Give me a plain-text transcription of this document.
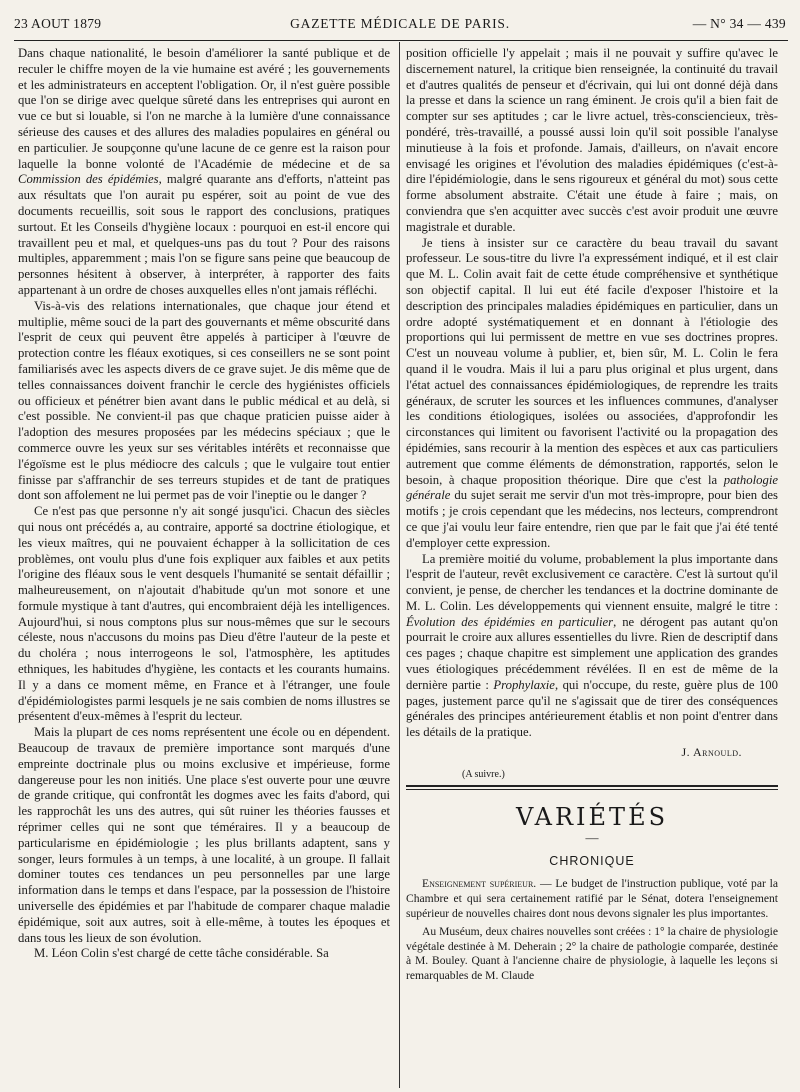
23 AOUT 1879	GAZETTE MÉDICALE DE PARIS.	— N° 34 — 439

Dans chaque nationalité, le besoin d'améliorer la santé publique et de reculer le chiffre moyen de la vie humaine est avéré ; les gouvernements et les administrateurs en acceptent l'obligation. Or, il n'est guère possible que l'on se dirige avec quelque sûreté dans les entreprises qui auront en vue ce but si louable, si l'on ne marche à la lumière d'une connaissance sérieuse des causes et des allures des maladies populaires en général ou en particulier. Je soupçonne qu'une lacune de ce genre est la raison pour laquelle la bonne volonté de l'Académie de médecine et de sa Commission des épidémies, malgré quarante ans d'efforts, n'atteint pas aux résultats que l'on aurait pu espérer, soit au point de vue des documents recueillis, soit sous le rapport des conclusions, pratiques surtout. Et les Conseils d'hygiène locaux : pourquoi en est-il encore qui travaillent peu et mal, et quelques-uns pas du tout ? Pour des raisons multiples, apparemment ; mais l'on se figure sans peine que beaucoup de personnes hésitent à observer, à interpréter, à rapporter des faits appartenant à un ordre de choses auxquelles elles n'ont jamais réfléchi.

Vis-à-vis des relations internationales, que chaque jour étend et multiplie, même souci de la part des gouvernants et même obscurité dans l'esprit de ceux qui peuvent être appelés à participer à l'œuvre de protection contre les fléaux exotiques, si ces conseillers ne se sont point familiarisés avec les aspects divers de ce grave sujet. Je dis même que de telles connaissances doivent franchir le cercle des hygiénistes officiels ou officieux et pénétrer bien avant dans le public médical et au delà, si c'est possible. Ne convient-il pas que chaque praticien puisse aider à l'adoption des mesures proposées par les médecins spéciaux ; que le commerce ouvre les yeux sur ses véritables intérêts et reconnaisse que l'égoïsme est le plus médiocre des calculs ; que le vulgaire tout entier finisse par s'affranchir de ses terreurs stupides et de tant de pratiques dont son affolement ne lui permet pas de voir l'ineptie ou le danger ?

Ce n'est pas que personne n'y ait songé jusqu'ici. Chacun des siècles qui nous ont précédés a, au contraire, apporté sa doctrine étiologique, et les vieux maîtres, qui ne pouvaient échapper à la sollicitation de ces problèmes, ont voulu plus d'une fois expliquer aux faibles et aux petits l'origine des fléaux sous le vent desquels l'humanité se sentait défaillir ; malheureusement, on n'ajoutait d'habitude qu'un mot sonore et une formule mystique à tant d'autres, qui encombraient déjà les intelligences. Aujourd'hui, si nous comptons plus sur nous-mêmes que sur le secours céleste, nous n'accusons du moins pas Dieu d'être l'auteur de la peste et du choléra ; nous interrogeons le sol, l'atmosphère, les aptitudes ethniques, les habitudes d'hygiène, les contacts et les courants humains. Il y a dans ce moment même, en France et à l'étranger, une foule d'épidémiologistes parmi lesquels je ne sais combien de noms illustres se présentent d'eux-mêmes à l'esprit du lecteur.

Mais la plupart de ces noms représentent une école ou en dépendent. Beaucoup de travaux de première importance sont marqués d'une empreinte doctrinale plus ou moins exclusive et impérieuse, forme dangereuse pour les non initiés. Une place s'est ouverte pour une œuvre de grande critique, qui confrontât les dogmes avec les faits d'abord, qui les rapprochât les uns des autres, qui sût ruiner les théories fausses et réprimer celles qui ne sont que téméraires. Il y a beaucoup de particularisme en épidémiologie ; les plus brillants adaptent, sans y songer, leurs formules à un temps, à une localité, à un groupe. Il fallait dominer toutes ces tendances un peu personnelles par une large information dans le temps et dans l'espace, par la possession de l'histoire universelle des épidémies et par l'habitude de comparer chaque maladie épidémique, soit aux autres, soit à elle-même, à toutes les époques et dans tous les lieux de son évolution.

M. Léon Colin s'est chargé de cette tâche considérable. Sa

position officielle l'y appelait ; mais il ne pouvait y suffire qu'avec le discernement naturel, la critique bien renseignée, la continuité du travail et d'autres qualités de penseur et d'écrivain, qui lui ont donné déjà dans la presse et dans la science un rang éminent. Je crois qu'il a bien fait de compter sur ses aptitudes ; car le livre actuel, très-consciencieux, très-pondéré, très-travaillé, a poussé aussi loin qu'il soit possible l'analyse minutieuse à la fois et profonde. Jamais, d'ailleurs, on n'avait encore envisagé les origines et l'évolution des maladies épidémiques (c'est-à-dire l'épidémiologie, dans le sens rigoureux et général du mot) sous cette forme absolument abstraite. C'était une étude à faire ; mais, on conviendra que s'en acquitter avec succès c'est avoir produit une œuvre magistrale et durable.

Je tiens à insister sur ce caractère du beau travail du savant professeur. Le sous-titre du livre l'a expressément indiqué, et il est clair que M. L. Colin avait fait de cette étude compréhensive et synthétique son objectif capital. Il lui eut été facile d'exposer l'histoire et la description des principales maladies épidémiques en particulier, dans un ordre adopté systématiquement et en donnant à l'étiologie des proportions qui lui permissent de mettre en vue ses doctrines propres. C'est un nouveau volume à publier, et, bien sûr, M. L. Colin le fera quand il le voudra. Mais il lui a paru plus original et plus urgent, dans l'état actuel des connaissances épidémiologiques, de reprendre les traits généraux, de scruter les sources et les influences communes, d'analyser les conditions étiologiques, isolées ou associées, d'approfondir les circonstances qui limitent ou favorisent l'activité ou la propagation des épidémies, sans recourir à la mention des espèces et aux cas particuliers autrement que comme éléments de démonstration, rapportés, selon le besoin, à chaque proposition théorique. Dire que c'est la pathologie générale du sujet serait me servir d'un mot très-impropre, pour bien des motifs ; je crois cependant que les médecins, nos lecteurs, comprendront ce que j'ai voulu leur faire entendre, rien que par le fait que j'ai été tenté d'employer cette expression.

La première moitié du volume, probablement la plus importante dans l'esprit de l'auteur, revêt exclusivement ce caractère. C'est là surtout qu'il convient, je pense, de chercher les tendances et la doctrine dominante de M. L. Colin. Les développements qui viennent ensuite, malgré le titre : Évolution des épidémies en particulier, ne dérogent pas autant qu'on pourrait le croire aux allures essentielles du livre. Rien de descriptif dans ces pages ; chaque chapitre est simplement une application des grandes vues étiologiques précédemment révélées. Il en est de même de la dernière partie : Prophylaxie, qui n'occupe, du reste, guère plus de 100 pages, justement parce qu'il ne s'agissait que de tirer des conséquences générales des principes antérieurement établis et non point d'entrer dans les détails de la pratique.

J. Arnould.
(A suivre.)
VARIÉTÉS
—
CHRONIQUE

Enseignement supérieur. — Le budget de l'instruction publique, voté par la Chambre et qui sera certainement ratifié par le Sénat, dotera l'enseignement supérieur de nouvelles chaires dont nous devons signaler les plus importantes.

Au Muséum, deux chaires nouvelles sont créées : 1° la chaire de physiologie végétale destinée à M. Deherain ; 2° la chaire de pathologie comparée, destinée à M. Bouley. Quant à l'ancienne chaire de physiologie, à laquelle les leçons si remarquables de M. Claude
